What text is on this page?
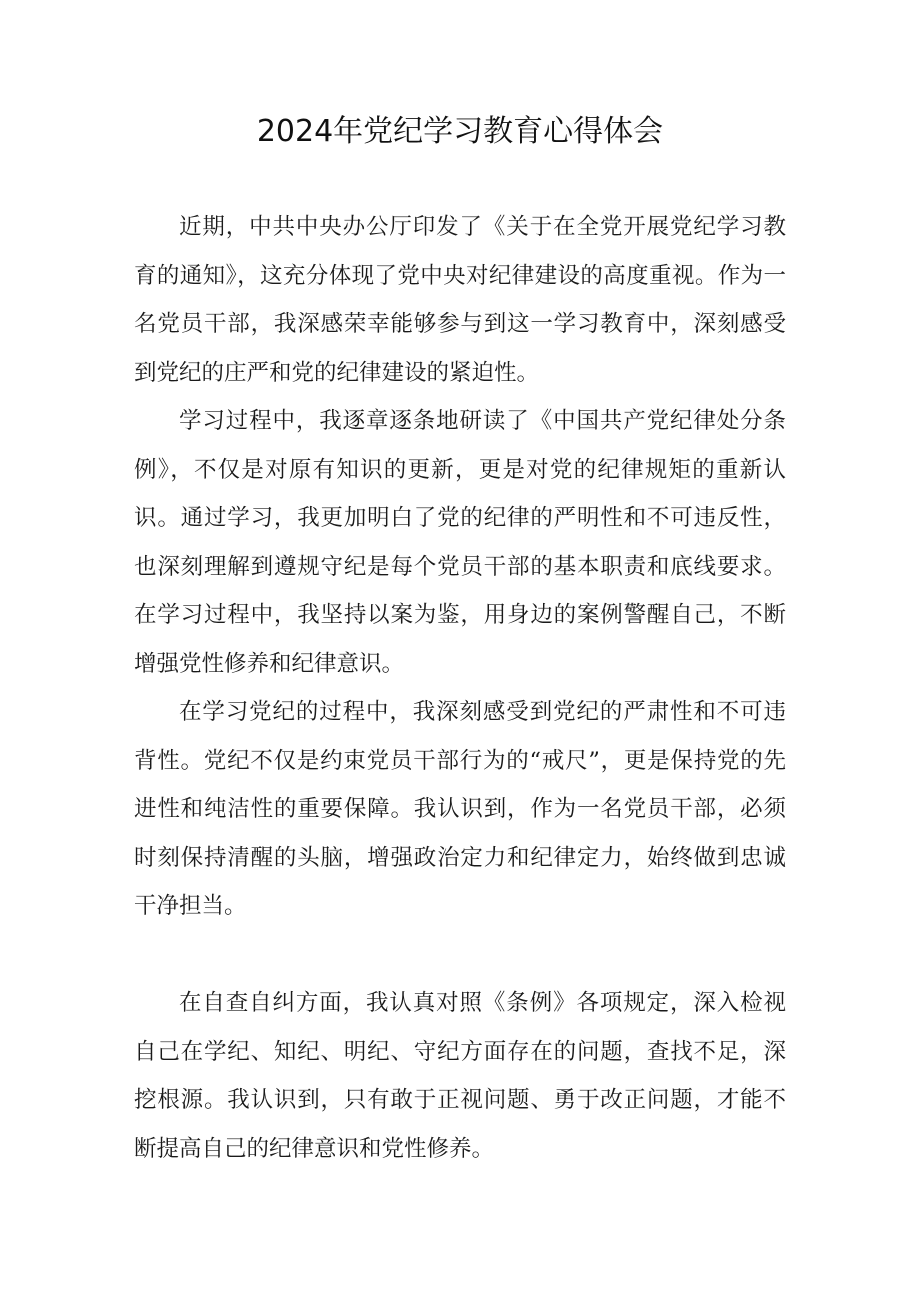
2024年党纪学习教育心得体会

近期，中共中央办公厅印发了《关于在全党开展党纪学习教育的通知》，这充分体现了党中央对纪律建设的高度重视。作为一名党员干部，我深感荣幸能够参与到这一学习教育中，深刻感受到党纪的庄严和党的纪律建设的紧迫性。

学习过程中，我逐章逐条地研读了《中国共产党纪律处分条例》，不仅是对原有知识的更新，更是对党的纪律规矩的重新认识。通过学习，我更加明白了党的纪律的严明性和不可违反性，也深刻理解到遵规守纪是每个党员干部的基本职责和底线要求。在学习过程中，我坚持以案为鉴，用身边的案例警醒自己，不断增强党性修养和纪律意识。

在学习党纪的过程中，我深刻感受到党纪的严肃性和不可违背性。党纪不仅是约束党员干部行为的“戒尺”，更是保持党的先进性和纯洁性的重要保障。我认识到，作为一名党员干部，必须时刻保持清醒的头脑，增强政治定力和纪律定力，始终做到忠诚干净担当。

在自查自纠方面，我认真对照《条例》各项规定，深入检视自己在学纪、知纪、明纪、守纪方面存在的问题，查找不足，深挖根源。我认识到，只有敢于正视问题、勇于改正问题，才能不断提高自己的纪律意识和党性修养。
